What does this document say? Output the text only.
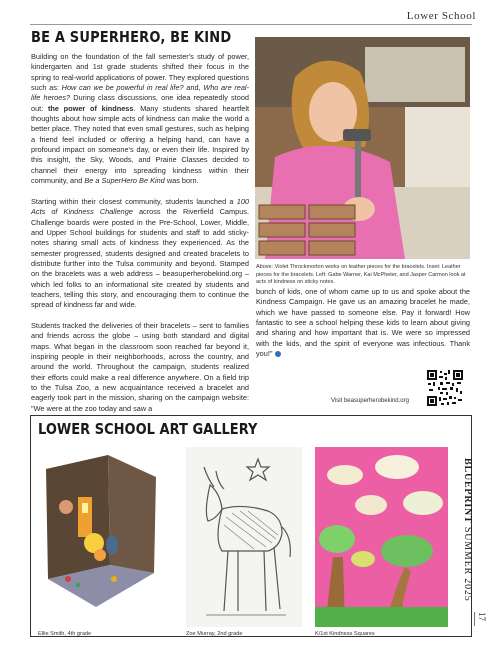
Lower School
BE A SUPERHERO, BE KIND

Building on the foundation of the fall semester's study of power, kindergarten and 1st grade students shifted their focus in the spring to real-world applications of power. They explored questions such as: How can we be powerful in real life? and, Who are real-life heroes? During class discussions, one idea repeatedly stood out: the power of kindness. Many students shared heartfelt thoughts about how simple acts of kindness can make the world a better place. They noted that even small gestures, such as helping a friend feel included or offering a helping hand, can have a profound impact on someone's day, or even their life. Inspired by this insight, the Sky, Woods, and Prairie Classes decided to channel their energy into spreading kindness within their community, and Be a SuperHero Be Kind was born.

Starting within their closest community, students launched a 100 Acts of Kindness Challenge across the Riverfield Campus. Challenge boards were posted in the Pre-School, Lower, Middle, and Upper School buildings for students and staff to add sticky-notes sharing small acts of kindness they experienced. As the semester progressed, students designed and created bracelets to distribute further into the Tulsa community and beyond. Stamped on the bracelets was a web address – beasuperherobekind.org – which led folks to an informational site created by students and teachers, telling this story, and encouraging them to continue the spread of kindness far and wide.

Students tracked the deliveries of their bracelets – sent to families and friends across the globe – using both standard and digital maps. What began in the classroom soon reached far beyond it, inspiring people in their neighborhoods, across the country, and around the world. Throughout the campaign, students realized their efforts could make a real difference anywhere. On a field trip to the Tulsa Zoo, a new acquaintance received a bracelet and eagerly took part in the mission, sharing on the campaign website: "We were at the zoo today and saw a

Above: Violet Throckmorton works on leather pieces for the bracelets. Inset: Leather pieces for the bracelets. Left: Gabe Warner, Kai McPheter, and Jasper Carmon look at acts of kindness on sticky notes.
bunch of kids, one of whom came up to us and spoke about the Kindness Campaign. He gave us an amazing bracelet he made, which we have passed to someone else. Pay it forward! How fantastic to see a school helping these kids to learn about giving and sharing and how important that is. We were so impressed with the kids, and the spirit of everyone was infectious. Thank you!"
Visit beasuperherobekind.org
LOWER SCHOOL ART GALLERY
Ellie Smith, 4th grade	Zoe Murray, 2nd grade	K/1st Kindness Squares
BLUEPRINT SUMMER 2025
17
